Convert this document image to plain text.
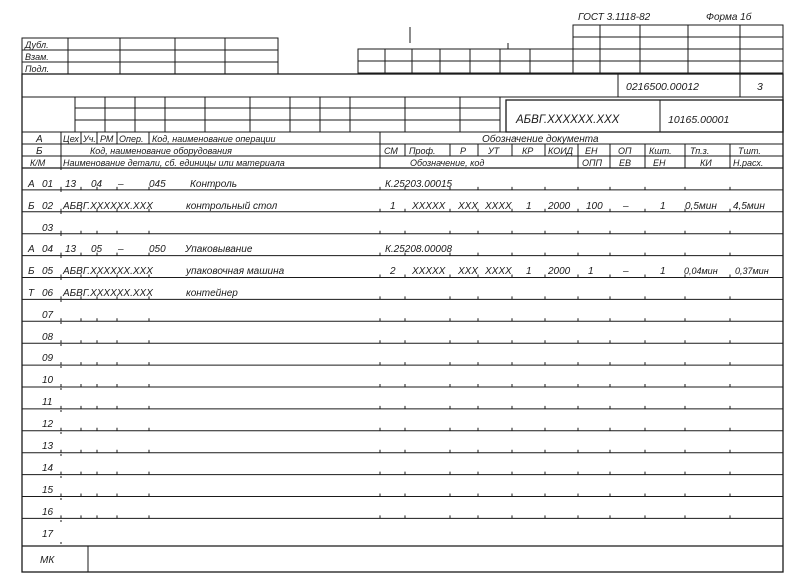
ГОСТ 3.1118-82	Форма 1б
Дубл.
Взам.
Подл.
0216500.00012	3
АБВГ.ХХХХХХ.ХХХ	10165.00001
А Цех Уч. РМ Опер. Код, наименование операции	Обозначение документа
Б	Код, наименование оборудования	СМ Проф.	Р УТ	КР КОИД ЕН ОП Кшт. Тп.з.	Тшт.
К/М Наименование детали, сб. единицы или материала	Обозначение, код	ОПП ЕВ ЕН	КИ Н.расх.
А 01 13 04 –	045 Контроль	К.25203.00015
Б 02 АБВГ.ХХХХХХ.ХХХ	контрольный стол	1 ХХХХХ ХХХ ХХХХ 1 2000 100 –	1 0,5мин 4,5мин
03
А 04 13 05 –	050 Упаковывание	К.25208.00008
Б 05 АБВГ.ХХХХХХ.ХХХ	упаковочная машина	2 ХХХХХ ХХХ ХХХХ 1 2000 1	–	1 0,04мин 0,37мин
Т 06 АБВГ.ХХХХХХ.ХХХ	контейнер
07
08
09
10
11
12
13
14
15
16
17
МК
